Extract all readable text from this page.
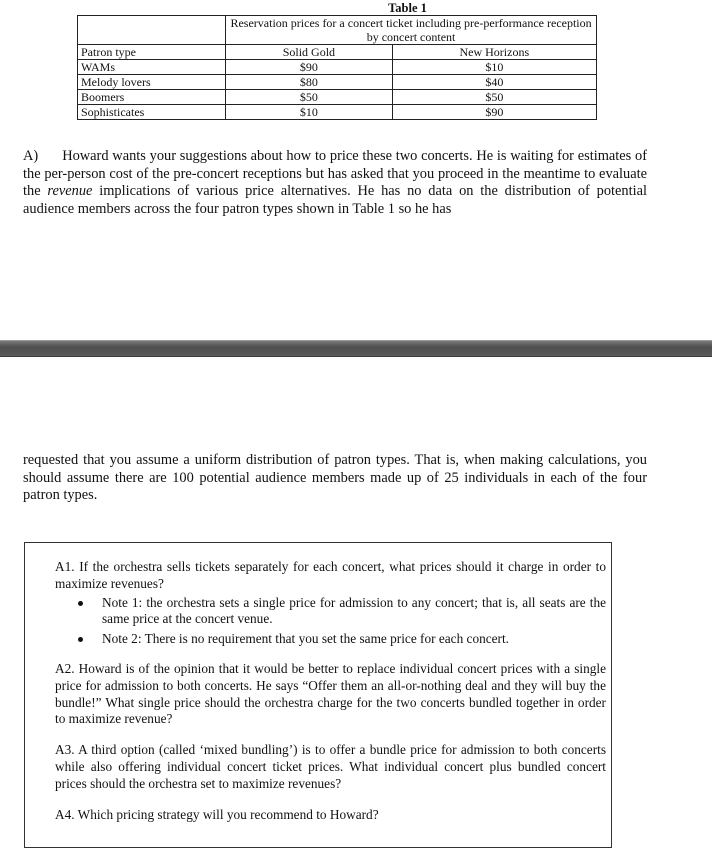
Table 1
	Reservation prices for a concert ticket including pre-performance reception by concert content	
Patron type	Solid Gold	New Horizons
WAMs	$90	$10
Melody lovers	$80	$40
Boomers	$50	$50
Sophisticates	$10	$90
A) Howard wants your suggestions about how to price these two concerts. He is waiting for estimates of the per-person cost of the pre-concert receptions but has asked that you proceed in the meantime to evaluate the revenue implications of various price alternatives. He has no data on the distribution of potential audience members across the four patron types shown in Table 1 so he has
requested that you assume a uniform distribution of patron types. That is, when making calculations, you should assume there are 100 potential audience members made up of 25 individuals in each of the four patron types.
A1. If the orchestra sells tickets separately for each concert, what prices should it charge in order to maximize revenues?
Note 1: the orchestra sets a single price for admission to any concert; that is, all seats are the same price at the concert venue.
Note 2: There is no requirement that you set the same price for each concert.
A2. Howard is of the opinion that it would be better to replace individual concert prices with a single price for admission to both concerts. He says “Offer them an all-or-nothing deal and they will buy the bundle!” What single price should the orchestra charge for the two concerts bundled together in order to maximize revenue?
A3. A third option (called ‘mixed bundling’) is to offer a bundle price for admission to both concerts while also offering individual concert ticket prices. What individual concert plus bundled concert prices should the orchestra set to maximize revenues?
A4. Which pricing strategy will you recommend to Howard?
